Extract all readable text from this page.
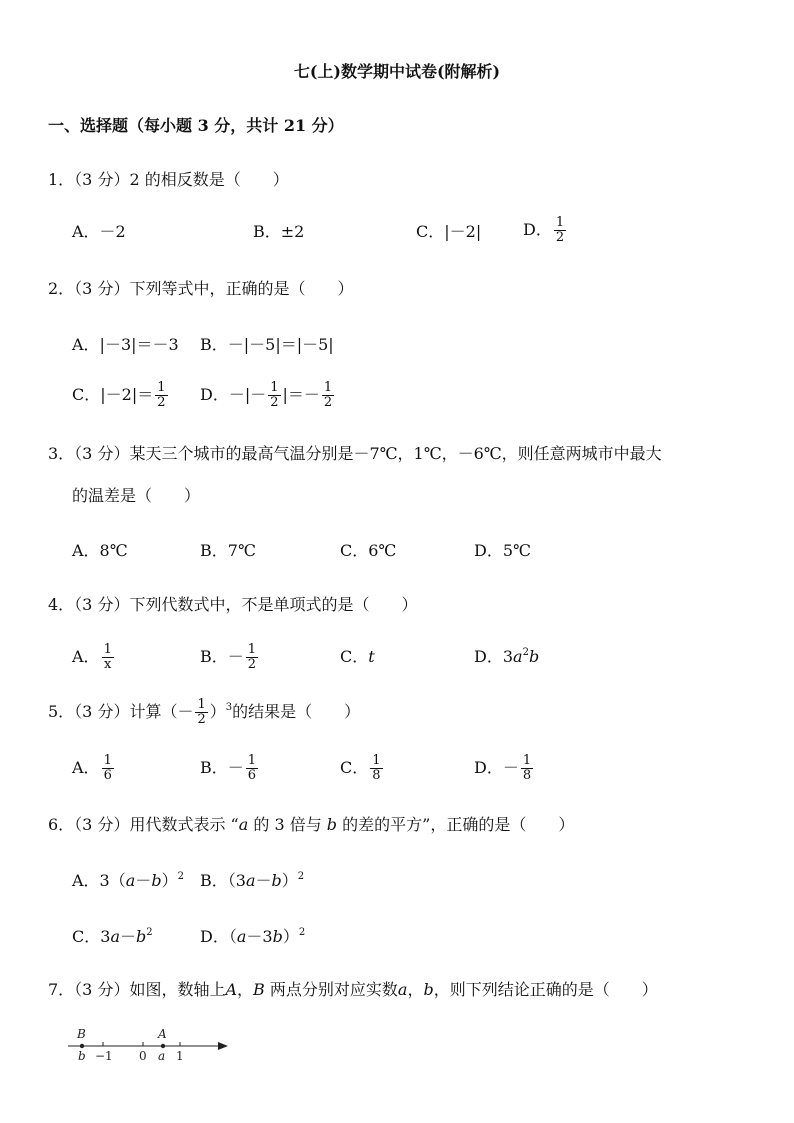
七(上)数学期中试卷(附解析)
一、选择题（每小题 3 分，共计 21 分）
1．（3 分）2 的相反数是（　　）
A．－2	B．±2	C．|－2|	D． $\frac{1}{2}$
2．（3 分）下列等式中，正确的是（　　）
A．|－3|＝－3 B．－|－5|＝|－5|
C．$|-2|= \frac{1}{2}$ D．－|－ $\frac{1}{2}$ |＝－ $\frac{1}{2}$
3．（3 分）某天三个城市的最高气温分别是－7℃，1℃，－6℃，则任意两城市中最大
的温差是（　　）
A．8℃	B．7℃	C．6℃	D．5℃
4．（3 分）下列代数式中，不是单项式的是（　　）
A． $\frac{1}{x}$	B．－ $\frac{1}{2}$	C．t	D．$3a^2b$
5．（3 分）计算（－ $\frac{1}{2} )^3$的结果是（　　）
A． $\frac{1}{6}$	B．－ $\frac{1}{6}$	C． $\frac{1}{8}$	D．－ $\frac{1}{8}$
6．（3 分）用代数式表示 “a 的 3 倍与 b 的差的平方”，正确的是（　　）
A．$3(a-b)^2$ B．$(3a-b)^2$
C．$3a-b^2$	D．$(a-3b)^2$
7．（3 分）如图，数轴上A，B 两点分别对应实数a，b，则下列结论正确的是（　　）
B	A
b −1 0 a 1
